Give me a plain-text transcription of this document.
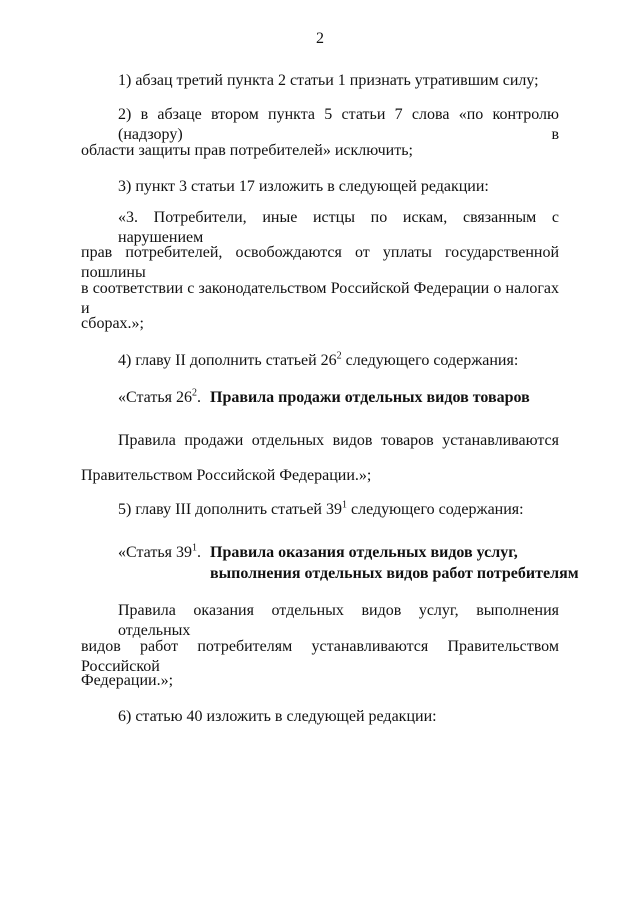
2
1) абзац третий пункта 2 статьи 1 признать утратившим силу;
2) в абзаце втором пункта 5 статьи 7 слова «по контролю (надзору) в
области защиты прав потребителей» исключить;
3) пункт 3 статьи 17 изложить в следующей редакции:
«3. Потребители, иные истцы по искам, связанным с нарушением
прав потребителей, освобождаются от уплаты государственной пошлины
в соответствии с законодательством Российской Федерации о налогах и
сборах.»;
4) главу II дополнить статьей $26^2$ следующего содержания:
«Статья $26^2$. Правила продажи отдельных видов товаров
Правила продажи отдельных видов товаров устанавливаются
Правительством Российской Федерации.»;
5) главу III дополнить статьей $39^1$ следующего содержания:
«Статья $39^1$. Правила оказания отдельных видов услуг,
выполнения отдельных видов работ потребителям
Правила оказания отдельных видов услуг, выполнения отдельных
видов работ потребителям устанавливаются Правительством Российской
Федерации.»;
6) статью 40 изложить в следующей редакции:
